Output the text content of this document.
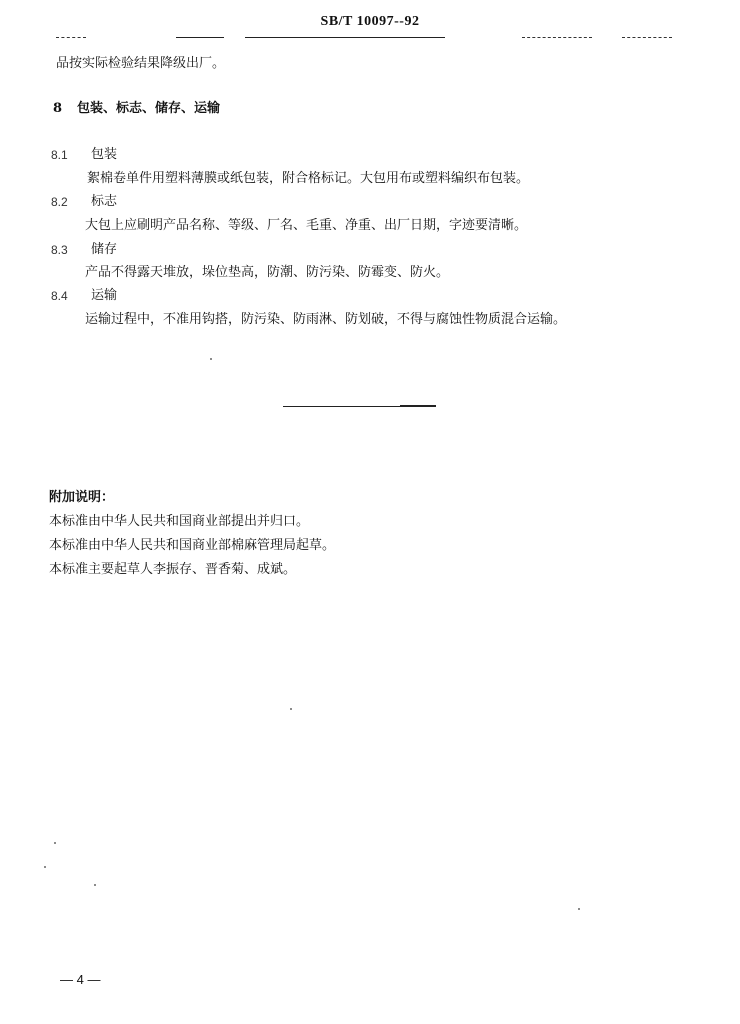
SB/T 10097--92
品按实际检验结果降级出厂。
8 包装、标志、储存、运输
8.1 包装
絮棉卷单件用塑料薄膜或纸包装，附合格标记。大包用布或塑料编织布包装。
8.2 标志
大包上应刷明产品名称、等级、厂名、毛重、净重、出厂日期，字迹要清晰。
8.3 储存
产品不得露天堆放，垛位垫高，防潮、防污染、防霉变、防火。
8.4 运输
运输过程中，不准用钩搭，防污染、防雨淋、防划破，不得与腐蚀性物质混合运输。
附加说明：
本标准由中华人民共和国商业部提出并归口。
本标准由中华人民共和国商业部棉麻管理局起草。
本标准主要起草人李振存、晋香菊、成斌。
— 4 —
